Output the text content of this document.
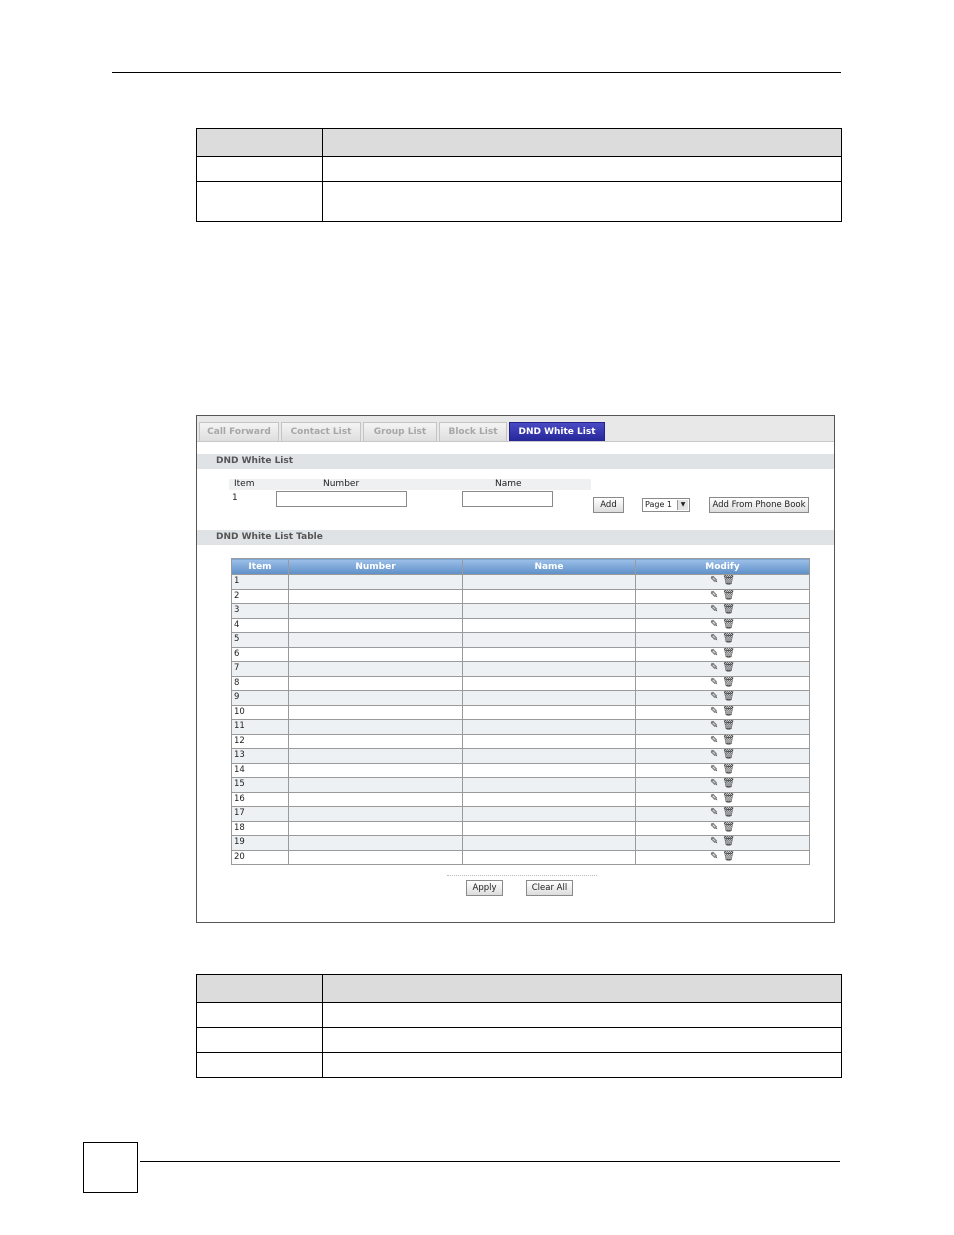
Call Forward	Contact List	Group List	Block List	DND White List
DND White List
Item	Number	Name
1
Add	Page 1	▼	Add From Phone Book
DND White List Table
Item	Number	Name	Modify
1			✎ 🗑
2			✎ 🗑
3			✎ 🗑
4			✎ 🗑
5			✎ 🗑
6			✎ 🗑
7			✎ 🗑
8			✎ 🗑
9			✎ 🗑
10			✎ 🗑
11			✎ 🗑
12			✎ 🗑
13			✎ 🗑
14			✎ 🗑
15			✎ 🗑
16			✎ 🗑
17			✎ 🗑
18			✎ 🗑
19			✎ 🗑
20			✎ 🗑
Apply	Clear All
